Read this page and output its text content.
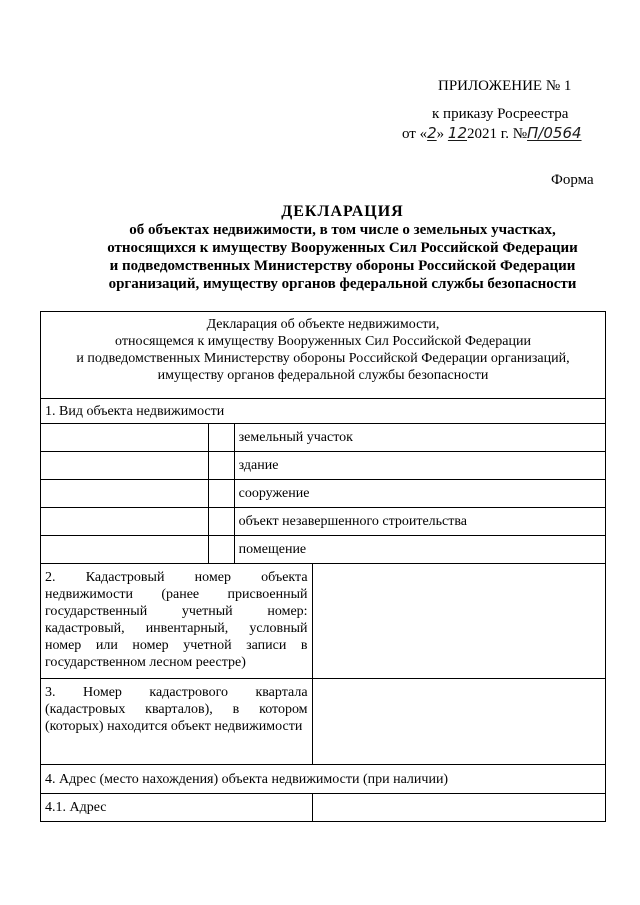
ПРИЛОЖЕНИЕ № 1
к приказу Росреестра
от «2» 122021 г. №П/0564
Форма
ДЕКЛАРАЦИЯ
об объектах недвижимости, в том числе о земельных участках,
относящихся к имуществу Вооруженных Сил Российской Федерации
и подведомственных Министерству обороны Российской Федерации
организаций, имуществу органов федеральной службы безопасности
Декларация об объекте недвижимости,
относящемся к имуществу Вооруженных Сил Российской Федерации
и подведомственных Министерству обороны Российской Федерации организаций,
имуществу органов федеральной службы безопасности			

1. Вид объекта недвижимости			
		земельный участок	
		здание	
		сооружение	
		объект незавершенного строительства	
		помещение	
2. Кадастровый номер объекта недвижимости (ранее присвоенный государственный учетный номер: кадастровый, инвентарный, условный номер или номер учетной записи в государственном лесном реестре)			
3. Номер кадастрового квартала (кадастровых кварталов), в котором (которых) находится объект недвижимости			
4. Адрес (место нахождения) объекта недвижимости (при наличии)			
4.1. Адрес			
